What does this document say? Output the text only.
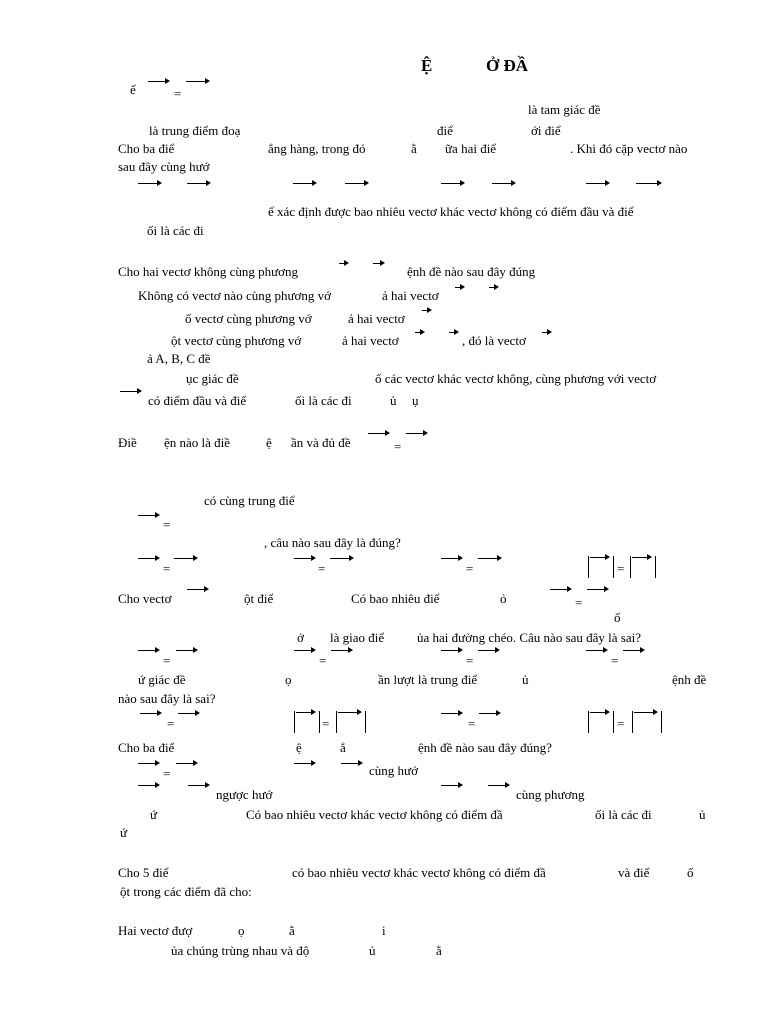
Ệ	Ở ĐẦ
ế	=
là tam giác đề
là trung điểm đoạ	điể	ới điể
Cho ba điể	ẳng hàng, trong đó	ằ ữa hai điể	. Khi đó cặp vectơ nào
sau đây cùng hướ
ể xác định được bao nhiêu vectơ khác vectơ không có điểm đầu và điể
ối là các đi
Cho hai vectơ không cùng phương	ệnh đề nào sau đây đúng
Không có vectơ nào cùng phương vớ	ả hai vectơ
ố vectơ cùng phương vớ	ả hai vectơ
ột vectơ cùng phương vớ	ả hai vectơ	, đó là vectơ
ả A, B, C đề
ục giác đề	ố các vectơ khác vectơ không, cùng phương với vectơ
có điểm đầu và điể	ối là các đi	ủ ụ
Điề ện nào là điề	ệ ần và đủ đề	=
có cùng trung điể
=
, câu nào sau đây là đúng?
=	=	=	=
Cho vectơ	ột điể	Có bao nhiêu điể	ỏ	=
ố
ở là giao điể	ủa hai đường chéo. Câu nào sau đây là sai?
=	=	=	=
ứ giác đề	ọ	ần lượt là trung điể	ủ	ệnh đề
nào sau đây là sai?
=	=	=	=
Cho ba điể	ệ	ẳ	ệnh đề nào sau đây đúng?
=	cùng hướ
ngược hướ	cùng phương
ứ	Có bao nhiêu vectơ khác vectơ không có điểm đầ	ối là các đi	ủ
ứ
Cho 5 điể	có bao nhiêu vectơ khác vectơ không có điểm đầ	và điể	ố
ột trong các điểm đã cho:
Hai vectơ đượ	ọ	ằ	i
ủa chúng trùng nhau và độ	ủ	ằ
